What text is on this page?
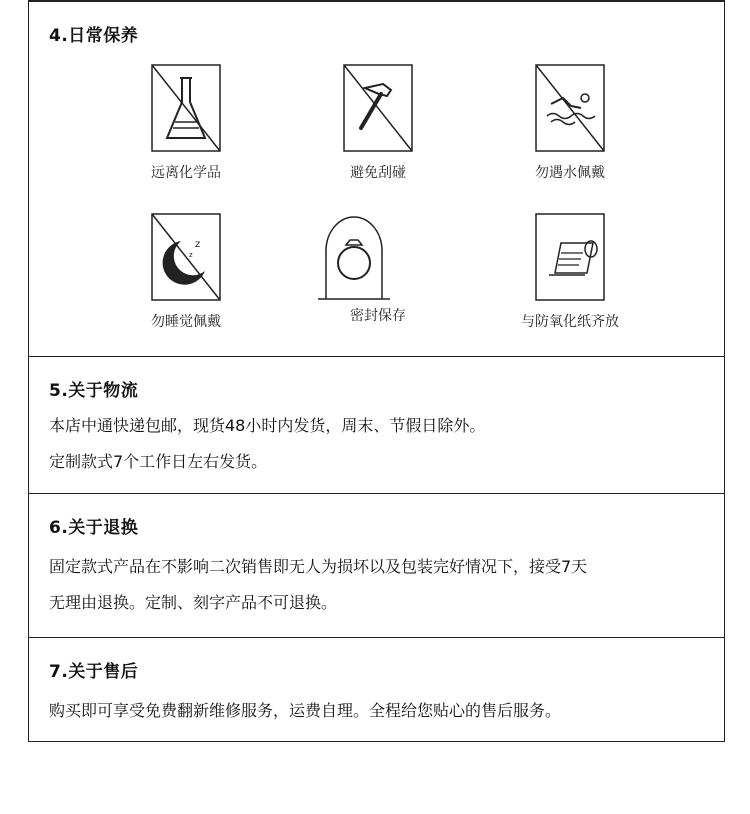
4.日常保养
远离化学品	避免刮碰	勿遇水佩戴
z
z
勿睡觉佩戴	密封保存	与防氧化纸齐放
5.关于物流
本店中通快递包邮，现货48小时内发货，周末、节假日除外。
定制款式7个工作日左右发货。
6.关于退换
固定款式产品在不影响二次销售即无人为损坏以及包装完好情况下，接受7天
无理由退换。定制、刻字产品不可退换。
7.关于售后
购买即可享受免费翻新维修服务，运费自理。全程给您贴心的售后服务。
